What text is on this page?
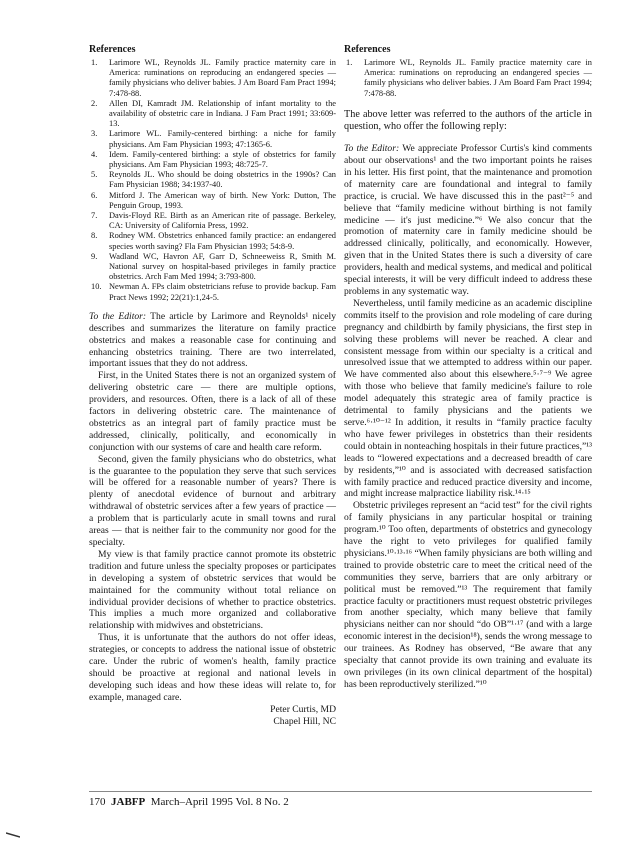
References
1. Larimore WL, Reynolds JL. Family practice maternity care in America: ruminations on reproducing an endangered species — family physicians who deliver babies. J Am Board Fam Pract 1994; 7:478-88.
2. Allen DI, Kamradt JM. Relationship of infant mortality to the availability of obstetric care in Indiana. J Fam Pract 1991; 33:609-13.
3. Larimore WL. Family-centered birthing: a niche for family physicians. Am Fam Physician 1993; 47:1365-6.
4. Idem. Family-centered birthing: a style of obstetrics for family physicians. Am Fam Physician 1993; 48:725-7.
5. Reynolds JL. Who should be doing obstetrics in the 1990s? Can Fam Physician 1988; 34:1937-40.
6. Mitford J. The American way of birth. New York: Dutton, The Penguin Group, 1993.
7. Davis-Floyd RE. Birth as an American rite of passage. Berkeley, CA: University of California Press, 1992.
8. Rodney WM. Obstetrics enhanced family practice: an endangered species worth saving? Fla Fam Physician 1993; 54:8-9.
9. Wadland WC, Havron AF, Garr D, Schneeweiss R, Smith M. National survey on hospital-based privileges in family practice obstetrics. Arch Fam Med 1994; 3:793-800.
10. Newman A. FPs claim obstetricians refuse to provide backup. Fam Pract News 1992; 22(21):1,24-5.

To the Editor: The article by Larimore and Reynolds¹ nicely describes and summarizes the literature on family practice obstetrics and makes a reasonable case for continuing and enhancing obstetrics training. There are two interrelated, important issues that they do not address.

First, in the United States there is not an organized system of delivering obstetric care — there are multiple options, providers, and resources. Often, there is a lack of all of these factors in delivering obstetric care. The maintenance of obstetrics as an integral part of family practice must be addressed, clinically, politically, and economically in conjunction with our systems of care and health care reform.

Second, given the family physicians who do obstetrics, what is the guarantee to the population they serve that such services will be offered for a reasonable number of years? There is plenty of anecdotal evidence of burnout and arbitrary withdrawal of obstetric services after a few years of practice — a problem that is particularly acute in small towns and rural areas — that is neither fair to the community nor good for the specialty.

My view is that family practice cannot promote its obstetric tradition and future unless the specialty proposes or participates in developing a system of obstetric services that would be maintained for the community without total reliance on individual provider decisions of whether to practice obstetrics. This implies a much more organized and collaborative relationship with midwives and obstetricians.

Thus, it is unfortunate that the authors do not offer ideas, strategies, or concepts to address the national issue of obstetric care. Under the rubric of women's health, family practice should be proactive at regional and national levels in developing such ideas and how these ideas will relate to, for example, managed care.

Peter Curtis, MD
Chapel Hill, NC
References
1. Larimore WL, Reynolds JL. Family practice maternity care in America: ruminations on reproducing an endangered species — family physicians who deliver babies. J Am Board Fam Pract 1994; 7:478-88.

The above letter was referred to the authors of the article in question, who offer the following reply:

To the Editor: We appreciate Professor Curtis's kind comments about our observations¹ and the two important points he raises in his letter. His first point, that the maintenance and promotion of maternity care are foundational and integral to family practice, is crucial. We have discussed this in the past²⁻⁵ and believe that “family medicine without birthing is not family medicine — it's just medicine.”⁶ We also concur that the promotion of maternity care in family medicine should be addressed clinically, politically, and economically. However, given that in the United States there is such a diversity of care providers, health and medical systems, and medical and political special interests, it will be very difficult indeed to address these problems in any systematic way.

Nevertheless, until family medicine as an academic discipline commits itself to the provision and role modeling of care during pregnancy and childbirth by family physicians, the first step in solving these problems will never be reached. A clear and consistent message from within our specialty is a critical and unresolved issue that we attempted to address within our paper. We have commented also about this elsewhere.⁵·⁷⁻⁹ We agree with those who believe that family medicine's failure to role model adequately this strategic area of family practice is detrimental to family physicians and the patients we serve.⁶·¹⁰⁻¹² In addition, it results in “family practice faculty who have fewer privileges in obstetrics than their residents could obtain in nonteaching hospitals in their future practices,”¹³ leads to “lowered expectations and a decreased breadth of care by residents,”¹⁰ and is associated with decreased satisfaction with family practice and reduced practice diversity and income, and might increase malpractice liability risk.¹⁴·¹⁵

Obstetric privileges represent an “acid test” for the civil rights of family physicians in any particular hospital or training program.¹⁰ Too often, departments of obstetrics and gynecology have the right to veto privileges for qualified family physicians.¹⁰·¹³·¹⁶ “When family physicians are both willing and trained to provide obstetric care to meet the critical need of the communities they serve, barriers that are only arbitrary or political must be removed.”¹³ The requirement that family practice faculty or practitioners must request obstetric privileges from another specialty, which many believe that family physicians neither can nor should “do OB”¹·¹⁷ (and with a large economic interest in the decision¹⁸), sends the wrong message to our trainees. As Rodney has observed, “Be aware that any specialty that cannot provide its own training and evaluate its own privileges (in its own clinical department of the hospital) has been reproductively sterilized.”¹⁰

170 JABFP March–April 1995 Vol. 8 No. 2
